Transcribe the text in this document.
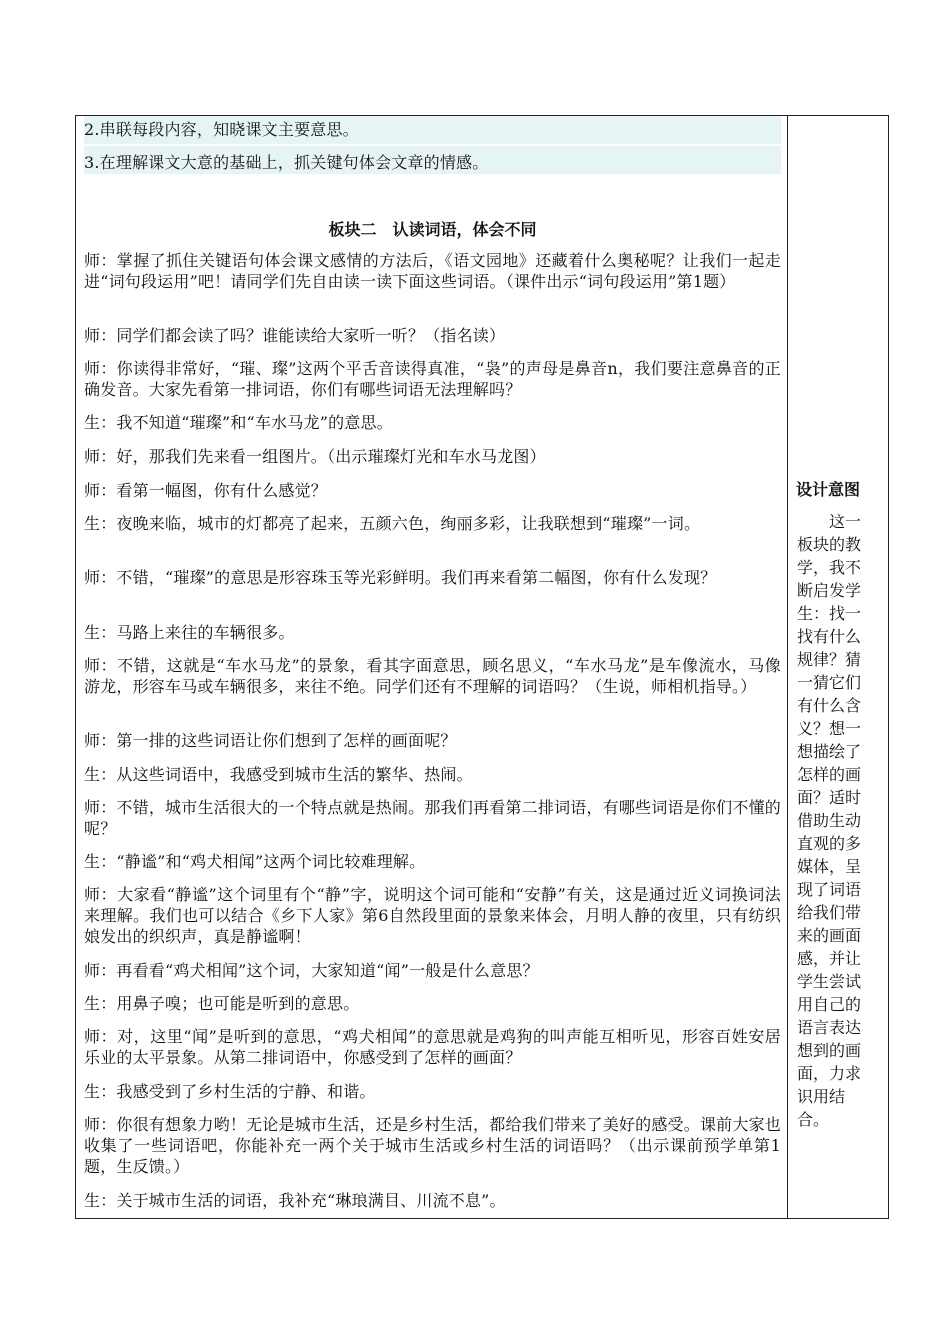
2.串联每段内容，知晓课文主要意思。
3.在理解课文大意的基础上，抓关键句体会文章的情感。
板块二　认读词语，体会不同
师：掌握了抓住关键语句体会课文感情的方法后，《语文园地》还藏着什么奥秘呢？让我们一起走进“词句段运用”吧！请同学们先自由读一读下面这些词语。（课件出示“词句段运用”第1题）
师：同学们都会读了吗？谁能读给大家听一听？（指名读）
师：你读得非常好，“璀、璨”这两个平舌音读得真准，“袅”的声母是鼻音n，我们要注意鼻音的正确发音。大家先看第一排词语，你们有哪些词语无法理解吗？
生：我不知道“璀璨”和“车水马龙”的意思。
师：好，那我们先来看一组图片。（出示璀璨灯光和车水马龙图）
师：看第一幅图，你有什么感觉？
生：夜晚来临，城市的灯都亮了起来，五颜六色，绚丽多彩，让我联想到“璀璨”一词。
师：不错，“璀璨”的意思是形容珠玉等光彩鲜明。我们再来看第二幅图，你有什么发现？
生：马路上来往的车辆很多。
师：不错，这就是“车水马龙”的景象，看其字面意思，顾名思义，“车水马龙”是车像流水，马像游龙，形容车马或车辆很多，来往不绝。同学们还有不理解的词语吗？（生说，师相机指导。）
师：第一排的这些词语让你们想到了怎样的画面呢？
生：从这些词语中，我感受到城市生活的繁华、热闹。
师：不错，城市生活很大的一个特点就是热闹。那我们再看第二排词语，有哪些词语是你们不懂的呢？
生：“静谧”和“鸡犬相闻”这两个词比较难理解。
师：大家看“静谧”这个词里有个“静”字，说明这个词可能和“安静”有关，这是通过近义词换词法来理解。我们也可以结合《乡下人家》第6自然段里面的景象来体会，月明人静的夜里，只有纺织娘发出的织织声，真是静谧啊！
师：再看看“鸡犬相闻”这个词，大家知道“闻”一般是什么意思？
生：用鼻子嗅；也可能是听到的意思。
师：对，这里“闻”是听到的意思，“鸡犬相闻”的意思就是鸡狗的叫声能互相听见，形容百姓安居乐业的太平景象。从第二排词语中，你感受到了怎样的画面？
生：我感受到了乡村生活的宁静、和谐。
师：你很有想象力哟！无论是城市生活，还是乡村生活，都给我们带来了美好的感受。课前大家也收集了一些词语吧，你能补充一两个关于城市生活或乡村生活的词语吗？（出示课前预学单第1题，生反馈。）
生：关于城市生活的词语，我补充“琳琅满目、川流不息”。
设计意图
　　这一板块的教学，我不断启发学生：找一找有什么规律？猜一猜它们有什么含义？想一想描绘了怎样的画面？适时借助生动直观的多媒体，呈现了词语给我们带来的画面感，并让学生尝试用自己的语言表达想到的画面，力求识用结合。
